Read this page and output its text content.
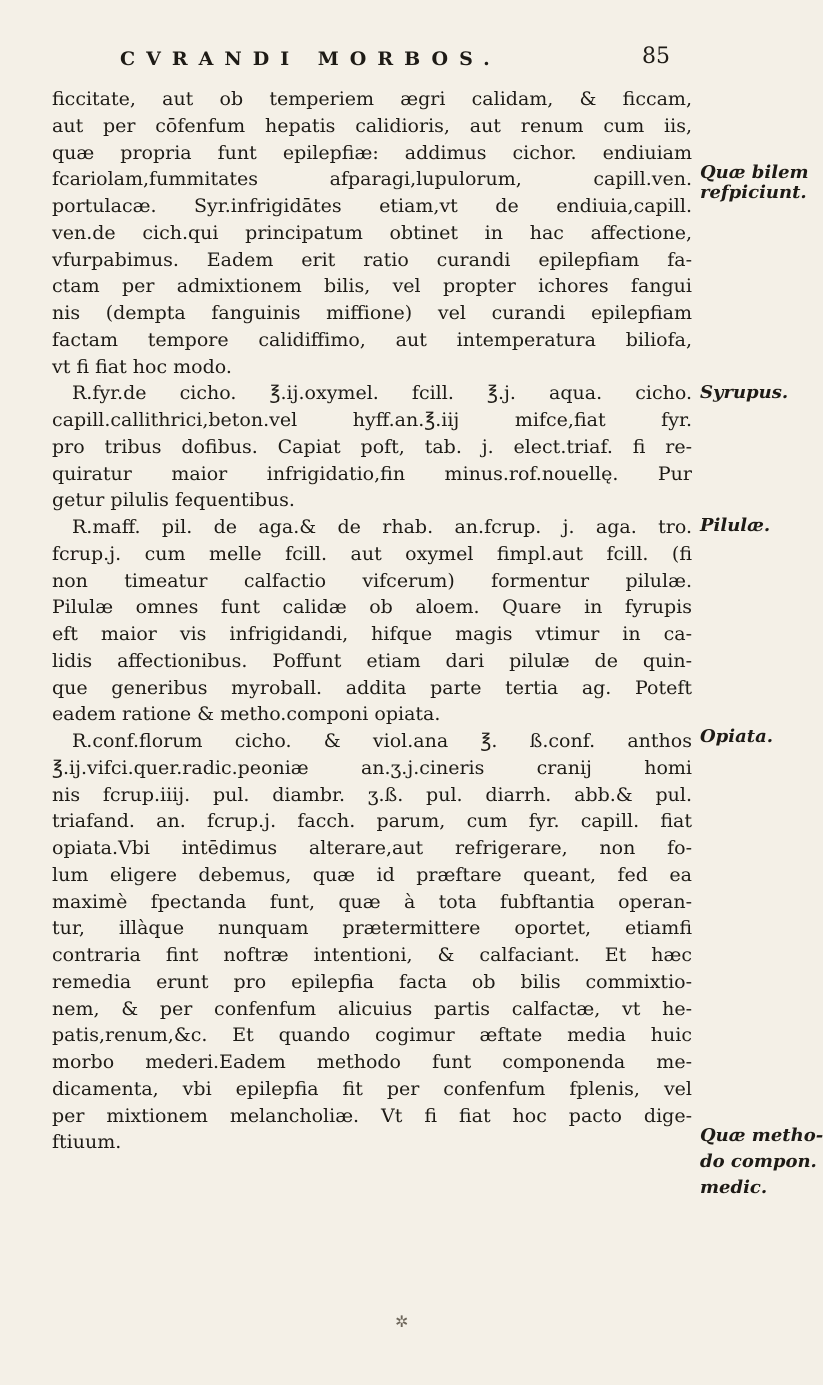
CVRANDI MORBOS.	85
ficcitate, aut ob temperiem ægri calidam, & ficcam,
aut per cōfenfum hepatis calidioris, aut renum cum iis,
quæ propria funt epilepfiæ: addimus cichor. endiuiam
fcariolam,fummitates afparagi,lupulorum, capill.ven.
portulacæ. Syr.infrigidātes etiam,vt de endiuia,capill.
ven.de cich.qui principatum obtinet in hac affectione,
vfurpabimus. Eadem erit ratio curandi epilepfiam fa-
ctam per admixtionem bilis, vel propter ichores fangui
nis (dempta fanguinis miffione) vel curandi epilepfiam
factam tempore calidiffimo, aut intemperatura biliofa,
vt fi fiat hoc modo.
R.fyr.de cicho. ℥.ij.oxymel. fcill. ℥.j. aqua. cicho.
capill.callithrici,beton.vel hyff.an.℥.iij mifce,fiat fyr.
pro tribus dofibus. Capiat poft, tab. j. elect.triaf. fi re-
quiratur maior infrigidatio,fin minus.rof.nouellę. Pur
getur pilulis fequentibus.
R.maff. pil. de aga.& de rhab. an.fcrup. j. aga. tro.
fcrup.j. cum melle fcill. aut oxymel fimpl.aut fcill. (fi
non timeatur calfactio vifcerum) formentur pilulæ.
Pilulæ omnes funt calidæ ob aloem. Quare in fyrupis
eft maior vis infrigidandi, hifque magis vtimur in ca-
lidis affectionibus. Poffunt etiam dari pilulæ de quin-
que generibus myroball. addita parte tertia ag. Poteft
eadem ratione & metho.componi opiata.
R.conf.florum cicho. & viol.ana ℥. ß.conf. anthos
℥.ij.vifci.quer.radic.peoniæ an.ʒ.j.cineris cranij homi
nis fcrup.iiij. pul. diambr. ʒ.ß. pul. diarrh. abb.& pul.
triafand. an. fcrup.j. facch. parum, cum fyr. capill. fiat
opiata.Vbi intēdimus alterare,aut refrigerare, non fo-
lum eligere debemus, quæ id præftare queant, fed ea
maximè fpectanda funt, quæ à tota fubftantia operan-
tur, illàque nunquam prætermittere oportet, etiamfi
contraria fint noftræ intentioni, & calfaciant. Et hæc
remedia erunt pro epilepfia facta ob bilis commixtio-
nem, & per confenfum alicuius partis calfactæ, vt he-
patis,renum,&c. Et quando cogimur æftate media huic
morbo mederi.Eadem methodo funt componenda me-
dicamenta, vbi epilepfia fit per confenfum fplenis, vel
per mixtionem melancholiæ. Vt fi fiat hoc pacto dige-
ftiuum.
Quæ bilem
refpiciunt.
Syrupus.
Pilulæ.
Opiata.
Quæ metho-
do compon.
medic.
✲
